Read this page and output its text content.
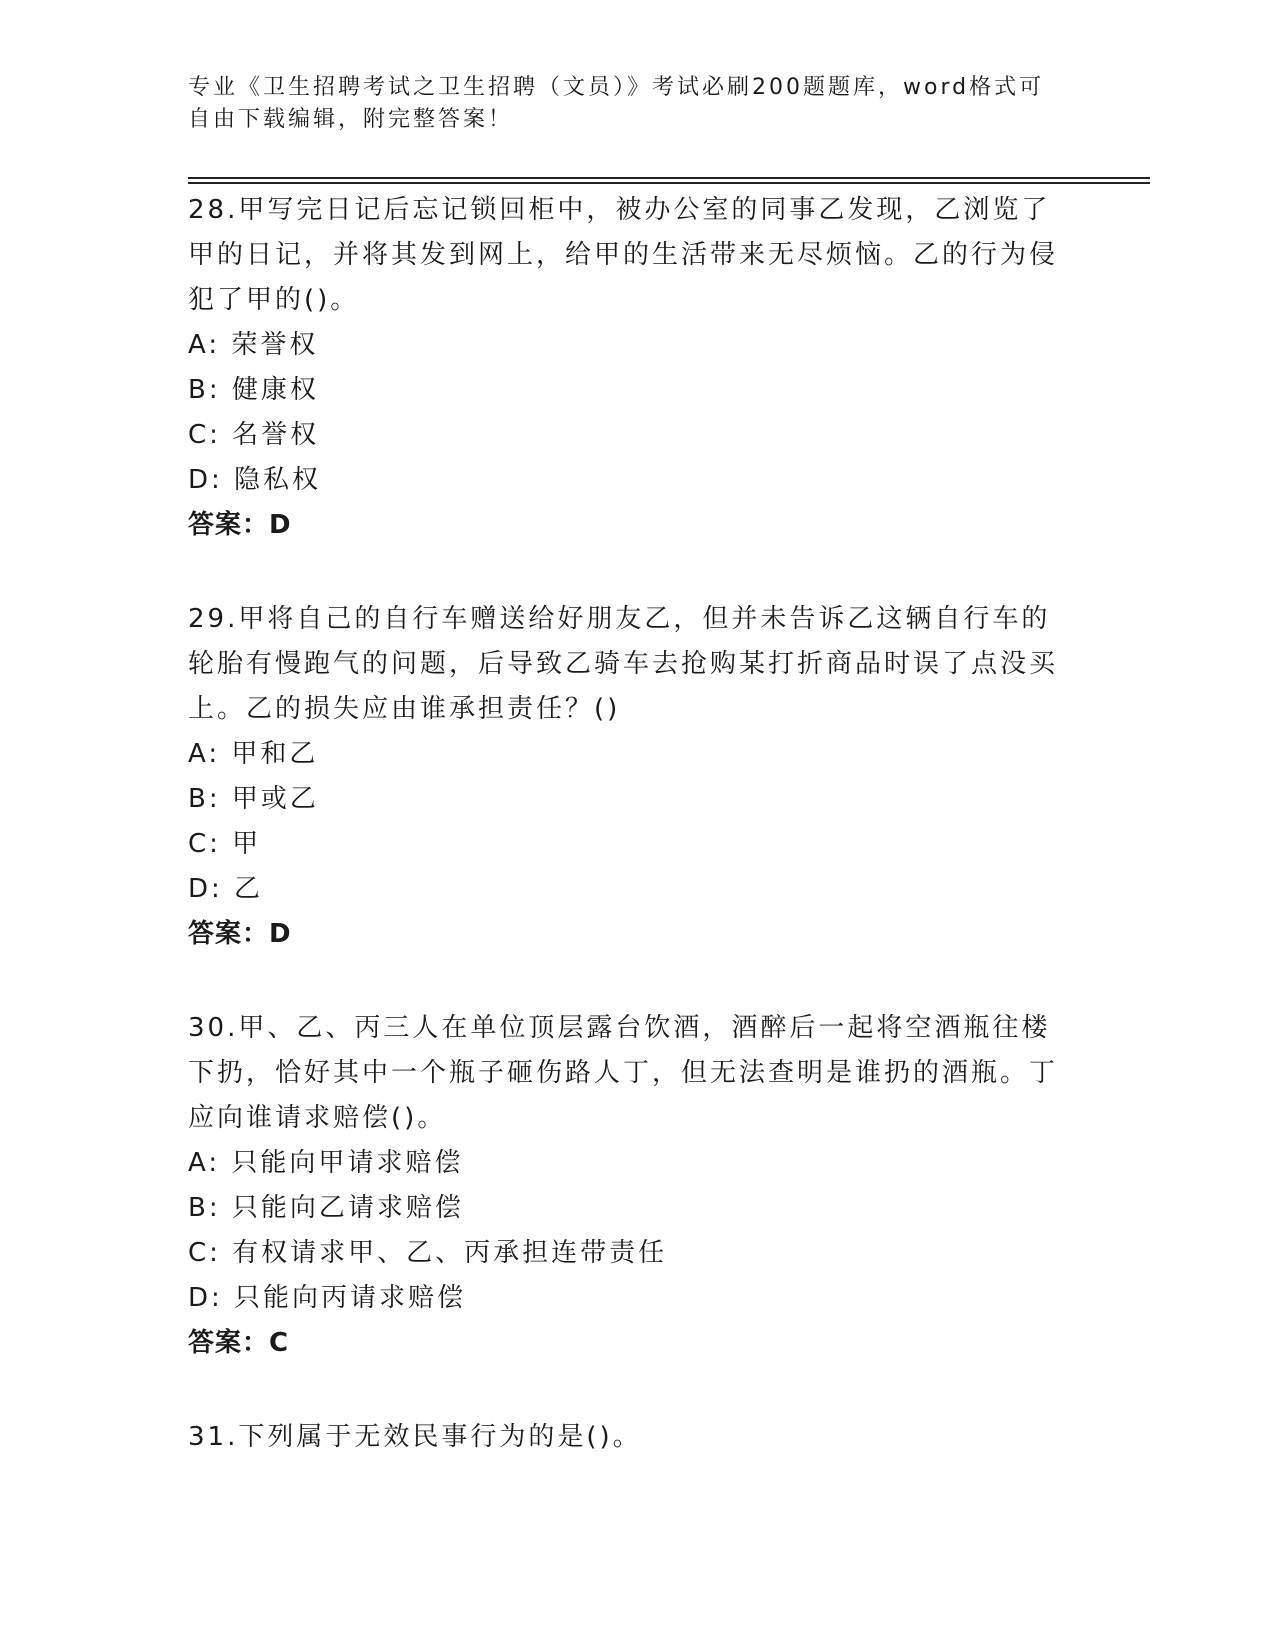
专业《卫生招聘考试之卫生招聘（文员）》考试必刷200题题库，word格式可自由下载编辑，附完整答案！
28.甲写完日记后忘记锁回柜中，被办公室的同事乙发现，乙浏览了甲的日记，并将其发到网上，给甲的生活带来无尽烦恼。乙的行为侵犯了甲的()。
A: 荣誉权
B: 健康权
C: 名誉权
D: 隐私权
答案：D
29.甲将自己的自行车赠送给好朋友乙，但并未告诉乙这辆自行车的轮胎有慢跑气的问题，后导致乙骑车去抢购某打折商品时误了点没买上。乙的损失应由谁承担责任？()
A: 甲和乙
B: 甲或乙
C: 甲
D: 乙
答案：D
30.甲、乙、丙三人在单位顶层露台饮酒，酒醉后一起将空酒瓶往楼下扔，恰好其中一个瓶子砸伤路人丁，但无法查明是谁扔的酒瓶。丁应向谁请求赔偿()。
A: 只能向甲请求赔偿
B: 只能向乙请求赔偿
C: 有权请求甲、乙、丙承担连带责任
D: 只能向丙请求赔偿
答案：C
31.下列属于无效民事行为的是()。
